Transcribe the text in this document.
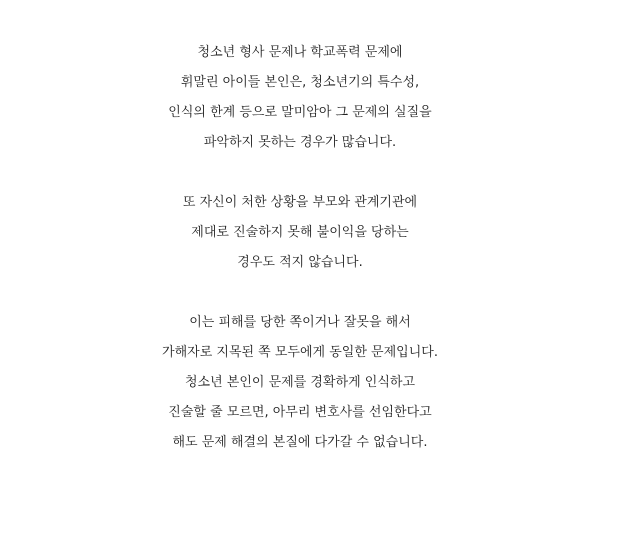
청소년 형사 문제나 학교폭력 문제에
휘말린 아이들 본인은, 청소년기의 특수성,
인식의 한계 등으로 말미암아 그 문제의 실질을
파악하지 못하는 경우가 많습니다.
또 자신이 처한 상황을 부모와 관계기관에
제대로 진술하지 못해 불이익을 당하는
경우도 적지 않습니다.
이는 피해를 당한 쪽이거나 잘못을 해서
가해자로 지목된 쪽 모두에게 동일한 문제입니다.
청소년 본인이 문제를 경확하게 인식하고
진술할 줄 모르면, 아무리 변호사를 선임한다고
해도 문제 해결의 본질에 다가갈 수 없습니다.
